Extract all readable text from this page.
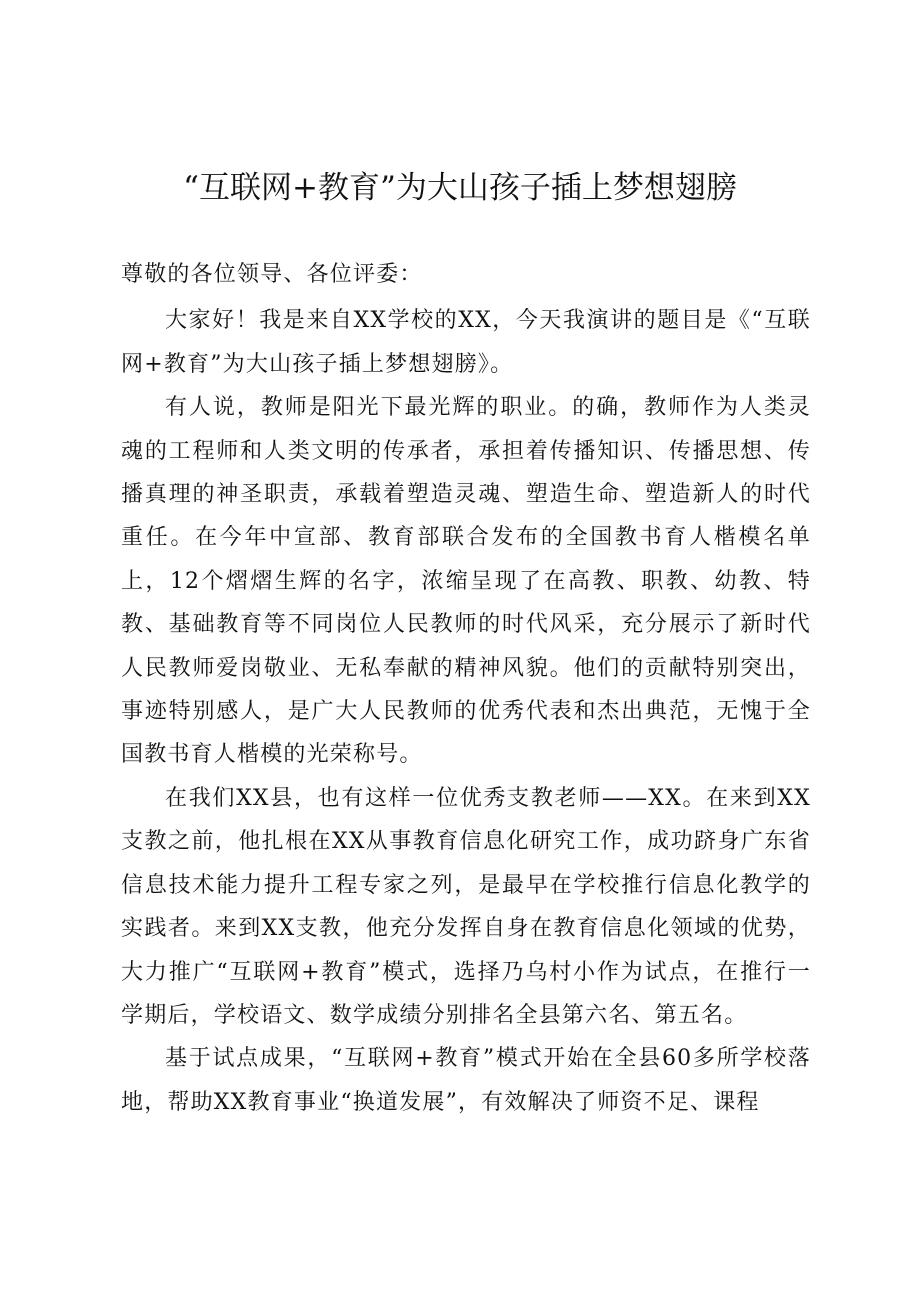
“互联网+教育”为大山孩子插上梦想翅膀

尊敬的各位领导、各位评委：

大家好！我是来自XX学校的XX，今天我演讲的题目是《“互联网+教育”为大山孩子插上梦想翅膀》。

有人说，教师是阳光下最光辉的职业。的确，教师作为人类灵魂的工程师和人类文明的传承者，承担着传播知识、传播思想、传播真理的神圣职责，承载着塑造灵魂、塑造生命、塑造新人的时代重任。在今年中宣部、教育部联合发布的全国教书育人楷模名单上，12个熠熠生辉的名字，浓缩呈现了在高教、职教、幼教、特教、基础教育等不同岗位人民教师的时代风采，充分展示了新时代人民教师爱岗敬业、无私奉献的精神风貌。他们的贡献特别突出，事迹特别感人，是广大人民教师的优秀代表和杰出典范，无愧于全国教书育人楷模的光荣称号。

在我们XX县，也有这样一位优秀支教老师——XX。在来到XX支教之前，他扎根在XX从事教育信息化研究工作，成功跻身广东省信息技术能力提升工程专家之列，是最早在学校推行信息化教学的实践者。来到XX支教，他充分发挥自身在教育信息化领域的优势，大力推广“互联网+教育”模式，选择乃乌村小作为试点，在推行一学期后，学校语文、数学成绩分别排名全县第六名、第五名。

基于试点成果，“互联网+教育”模式开始在全县60多所学校落地，帮助XX教育事业“换道发展”，有效解决了师资不足、课程
